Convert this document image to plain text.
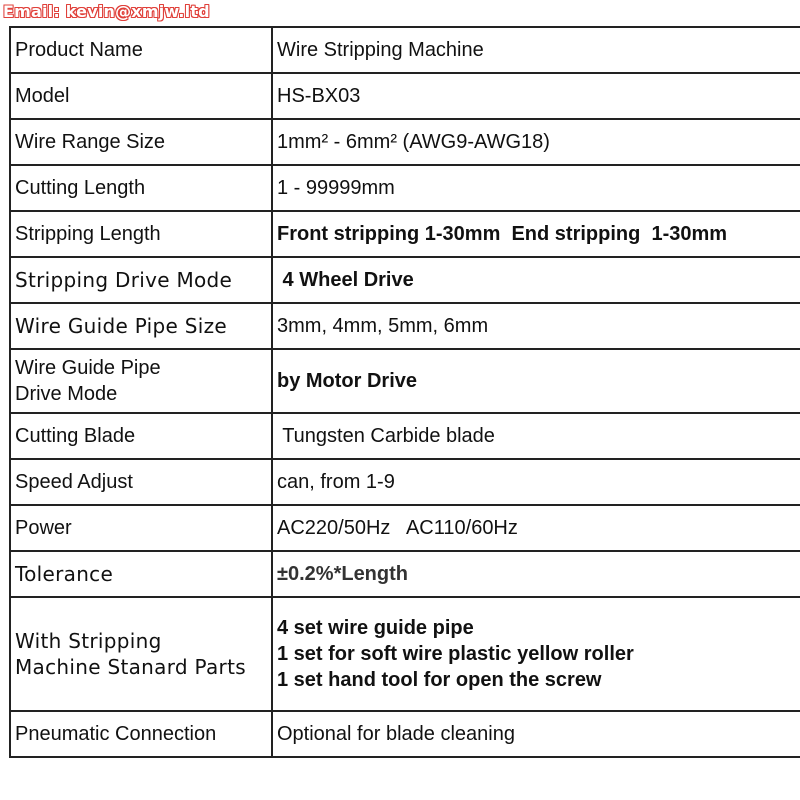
Email: kevin@xmjw.ltd
Product Name	Wire Stripping Machine
Model	HS-BX03
Wire Range Size	1mm² - 6mm² (AWG9-AWG18)
Cutting Length	1 - 99999mm
Stripping Length	Front stripping 1-30mm  End stripping  1-30mm
Stripping Drive Mode	4 Wheel Drive
Wire Guide Pipe Size	3mm, 4mm, 5mm, 6mm

Wire Guide Pipe
Drive Mode	by Motor Drive
Cutting Blade	Tungsten Carbide blade
Speed Adjust	can, from 1-9
Power	AC220/50Hz   AC110/60Hz
Tolerance	±0.2%*Length

With Stripping
Machine Stanard Parts	4 set wire guide pipe
1 set for soft wire plastic yellow roller
1 set hand tool for open the screw

Pneumatic Connection	Optional for blade cleaning
